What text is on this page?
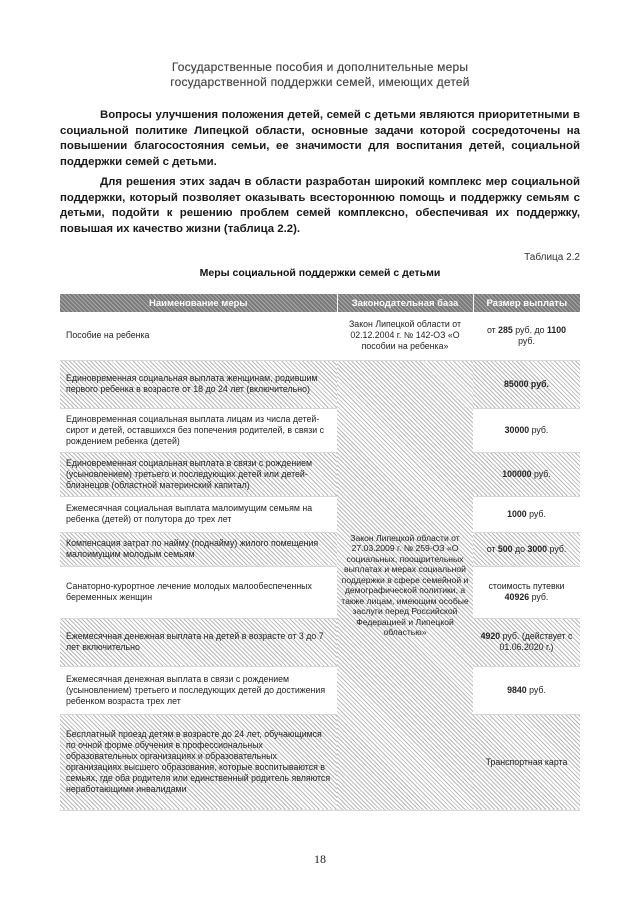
Государственные пособия и дополнительные меры
государственной поддержки семей, имеющих детей
Вопросы улучшения положения детей, семей с детьми являются приоритетными в социальной политике Липецкой области, основные задачи которой сосредоточены на повышении благосостояния семьи, ее значимости для воспитания детей, социальной поддержки семей с детьми.
Для решения этих задач в области разработан широкий комплекс мер социальной поддержки, который позволяет оказывать всестороннюю помощь и поддержку семьям с детьми, подойти к решению проблем семей комплексно, обеспечивая их поддержку, повышая их качество жизни (таблица 2.2).
Таблица 2.2
Меры социальной поддержки семей с детьми
Наименование меры	Законодательная база	Размер выплаты
Пособие на ребенка	Закон Липецкой области от 02.12.2004 г. № 142-ОЗ «О пособии на ребенка»	от 285 руб. до 1100 руб.
Единовременная социальная выплата женщинам, родившим первого ребенка в возрасте от 18 до 24 лет (включительно)	Закон Липецкой области от 27.03.2009 г. № 259-ОЗ «О социальных, поощрительных выплатах и мерах социальной поддержки в сфере семейной и демографической политики, а также лицам, имеющим особые заслуги перед Российской Федерацией и Липецкой областью»	85000 руб.
Единовременная социальная выплата лицам из числа детей-сирот и детей, оставшихся без попечения родителей, в связи с рождением ребенка (детей)		30000 руб.
Единовременная социальная выплата в связи с рождением (усыновлением) третьего и последующих детей или детей-близнецов (областной материнский капитал)		100000 руб.
Ежемесячная социальная выплата малоимущим семьям на ребенка (детей) от полутора до трех лет		1000 руб.
Компенсация затрат по найму (поднайму) жилого помещения малоимущим молодым семьям		от 500 до 3000 руб.
Санаторно-курортное лечение молодых малообеспеченных беременных женщин		стоимость путевки 40926 руб.
Ежемесячная денежная выплата на детей в возрасте от 3 до 7 лет включительно		4920 руб. (действует с 01.06.2020 г.)
Ежемесячная денежная выплата в связи с рождением (усыновлением) третьего и последующих детей до достижения ребенком возраста трех лет		9840 руб.
Бесплатный проезд детям в возрасте до 24 лет, обучающимся по очной форме обучения в профессиональных образовательных организациях и образовательных организациях высшего образования, которые воспитываются в семьях, где оба родителя или единственный родитель являются неработающими инвалидами		Транспортная карта
18
